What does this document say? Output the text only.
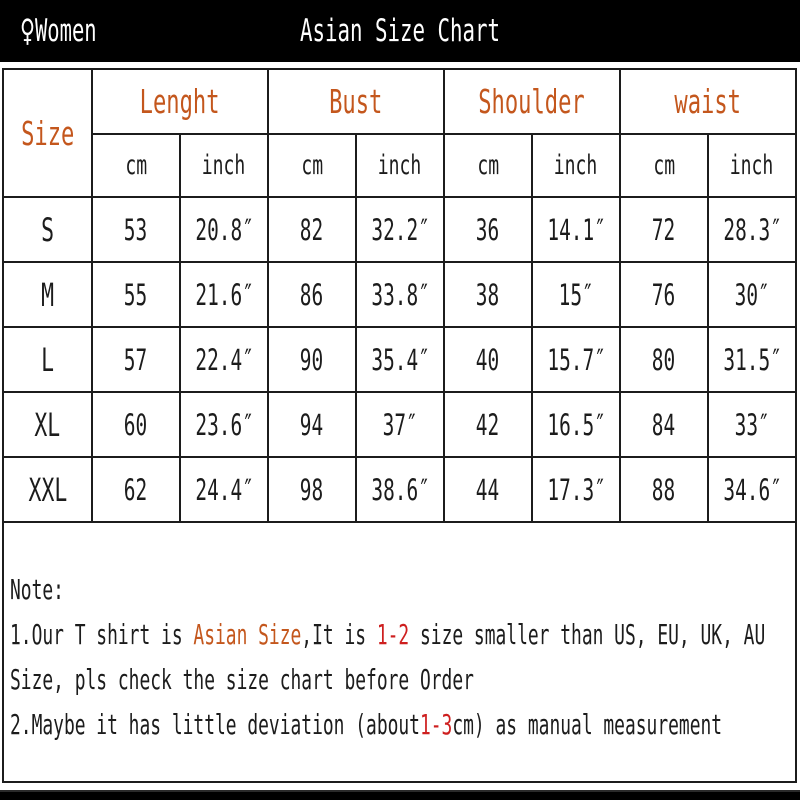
♀Women	Asian Size Chart
Size	Lenght		Bust		Shoulder		waist	
	cm	inch	cm	inch	cm	inch	cm	inch
S	53	20.8″	82	32.2″	36	14.1″	72	28.3″
M	55	21.6″	86	33.8″	38	15″	76	30″
L	57	22.4″	90	35.4″	40	15.7″	80	31.5″
XL	60	23.6″	94	37″	42	16.5″	84	33″
XXL	62	24.4″	98	38.6″	44	17.3″	88	34.6″

Note:

1.Our T shirt is Asian Size,It is 1-2 size smaller than US, EU, UK, AU

Size, pls check the size chart before Order

2.Maybe it has little deviation (about1-3cm) as manual measurement
